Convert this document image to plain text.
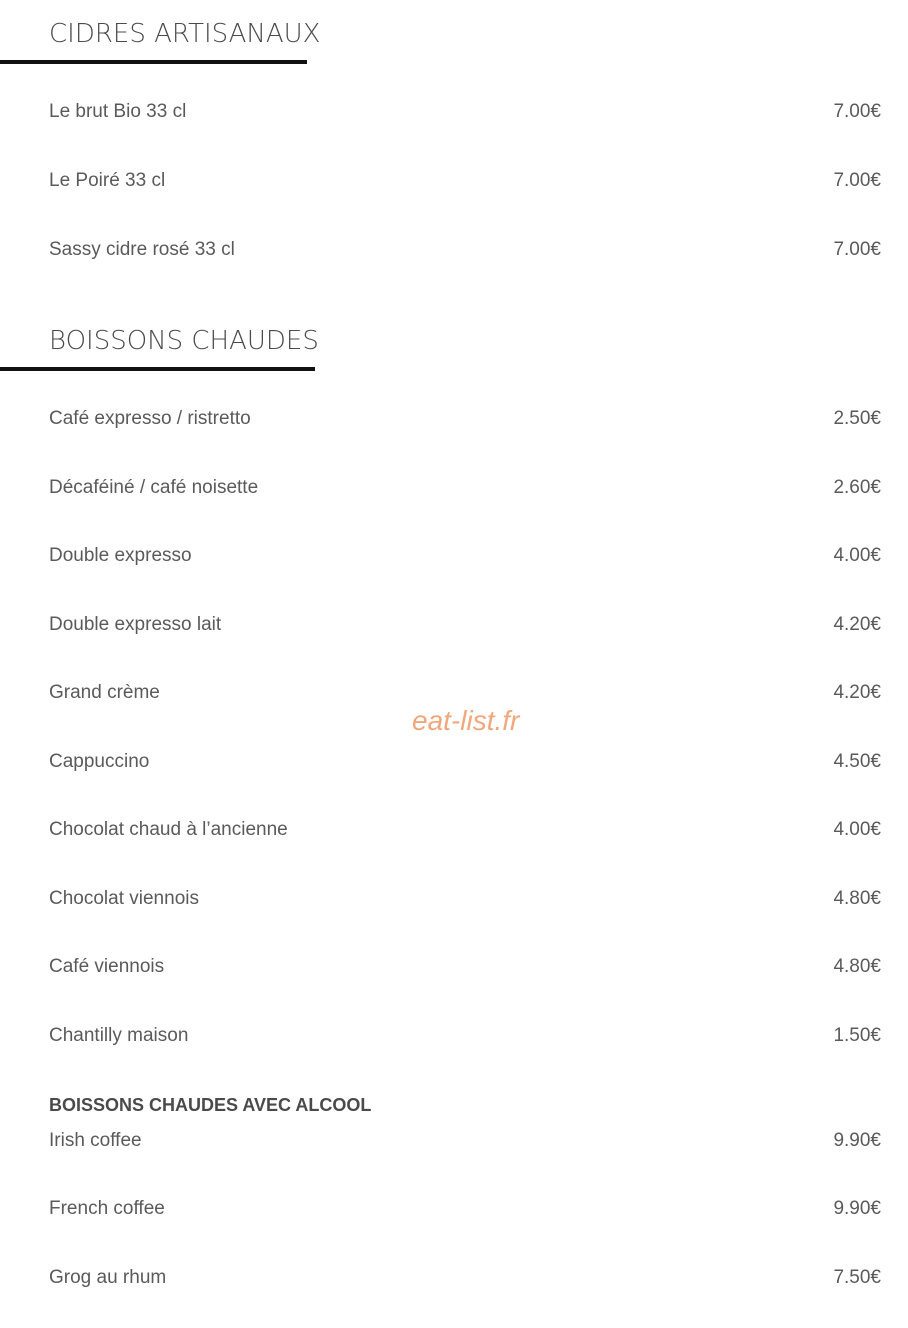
CIDRES ARTISANAUX
Le brut Bio 33 cl	7.00€
Le Poiré 33 cl	7.00€
Sassy cidre rosé 33 cl	7.00€
BOISSONS CHAUDES
Café expresso / ristretto	2.50€
Décaféiné / café noisette	2.60€
Double expresso	4.00€
Double expresso lait	4.20€
Grand crème	4.20€
Cappuccino	4.50€
Chocolat chaud à l’ancienne	4.00€
Chocolat viennois	4.80€
Café viennois	4.80€
Chantilly maison	1.50€
BOISSONS CHAUDES AVEC ALCOOL
Irish coffee	9.90€
French coffee	9.90€
Grog au rhum	7.50€
eat-list.fr
